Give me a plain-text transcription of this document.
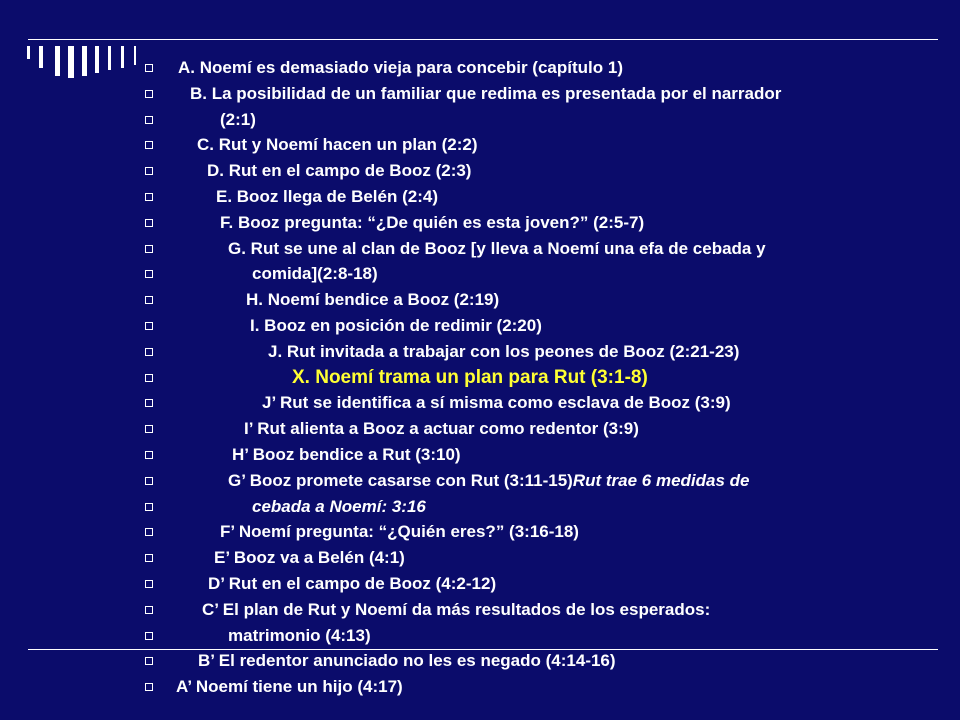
A. Noemí es demasiado vieja para concebir (capítulo 1)
B. La posibilidad de un familiar que redima es presentada por el narrador
(2:1)
C. Rut y Noemí hacen un plan (2:2)
D. Rut en el campo de Booz (2:3)
E. Booz llega de Belén (2:4)
F. Booz pregunta: “¿De quién es esta joven?” (2:5-7)
G. Rut se une al clan de Booz [y lleva a Noemí una efa de cebada y
comida](2:8-18)
H. Noemí bendice a Booz (2:19)
I. Booz en posición de redimir (2:20)
J. Rut invitada a trabajar con los peones de Booz (2:21-23)
X. Noemí trama un plan para Rut (3:1-8)
J’ Rut se identifica a sí misma como esclava de Booz (3:9)
I’ Rut alienta a Booz a actuar como redentor (3:9)
H’ Booz bendice a Rut (3:10)
G’ Booz promete casarse con Rut (3:11-15)Rut trae 6 medidas de
cebada a Noemí: 3:16
F’ Noemí pregunta: “¿Quién eres?” (3:16-18)
E’ Booz va a Belén (4:1)
D’ Rut en el campo de Booz (4:2-12)
C’ El plan de Rut y Noemí da más resultados de los esperados:
matrimonio (4:13)
B’ El redentor anunciado no les es negado (4:14-16)
A’ Noemí tiene un hijo (4:17)
